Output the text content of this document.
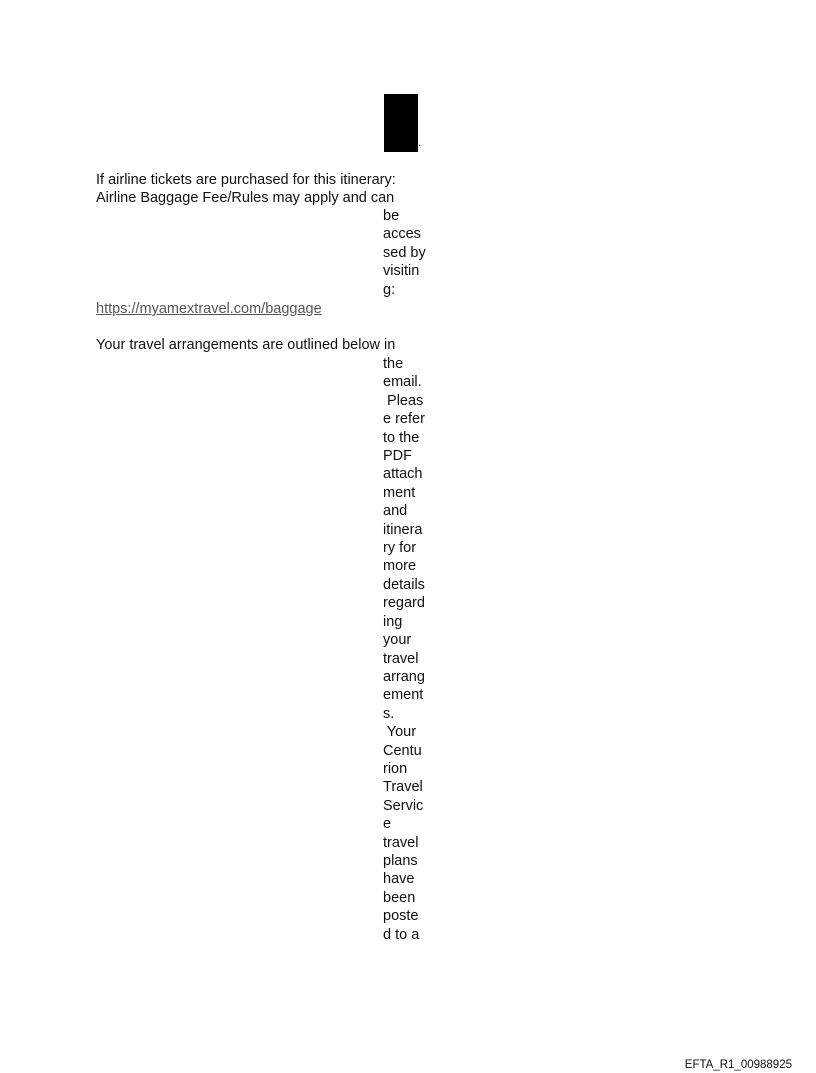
.
If airline tickets are purchased for this itinerary:
Airline Baggage Fee/Rules may apply and can
be
acces
sed by
visitin
g:
https://myamextravel.com/baggage
Your travel arrangements are outlined below in
the
email.
Pleas
e refer
to the
PDF
attach
ment
and
itinera
ry for
more
details
regard
ing
your
travel
arrang
ement
s.
Your
Centu
rion
Travel
Servic
e
travel
plans
have
been
poste
d to a
EFTA_R1_00988925
